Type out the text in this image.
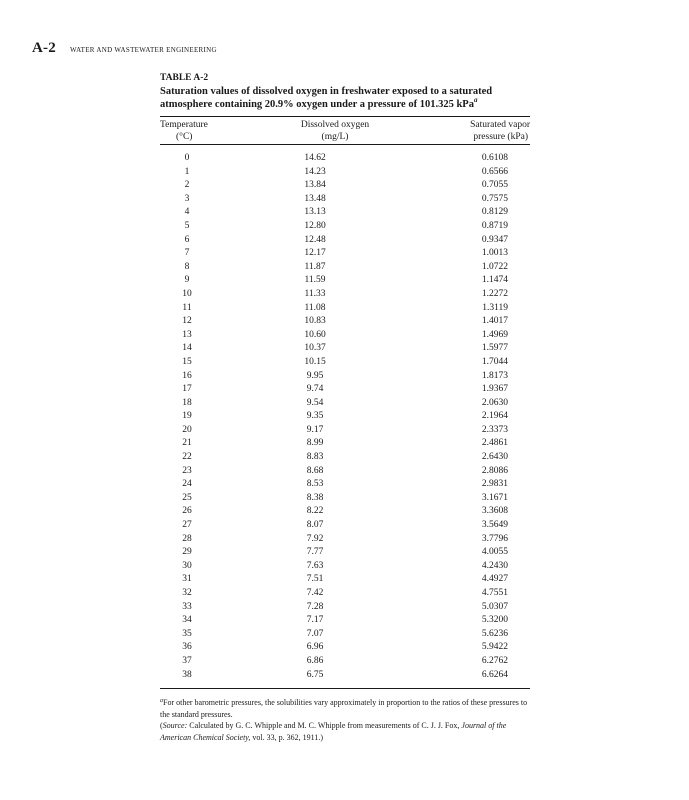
A-2 WATER AND WASTEWATER ENGINEERING
TABLE A-2
Saturation values of dissolved oxygen in freshwater exposed to a saturated atmosphere containing 20.9% oxygen under a pressure of 101.325 kPa$^a$
Temperature
(°C)
Dissolved oxygen
(mg/L)
Saturated vapor
pressure (kPa)
0	14.62	0.6108
1	14.23	0.6566
2	13.84	0.7055
3	13.48	0.7575
4	13.13	0.8129
5	12.80	0.8719
6	12.48	0.9347
7	12.17	1.0013
8	11.87	1.0722
9	11.59	1.1474
10	11.33	1.2272
11	11.08	1.3119
12	10.83	1.4017
13	10.60	1.4969
14	10.37	1.5977
15	10.15	1.7044
16	9.95	1.8173
17	9.74	1.9367
18	9.54	2.0630
19	9.35	2.1964
20	9.17	2.3373
21	8.99	2.4861
22	8.83	2.6430
23	8.68	2.8086
24	8.53	2.9831
25	8.38	3.1671
26	8.22	3.3608
27	8.07	3.5649
28	7.92	3.7796
29	7.77	4.0055
30	7.63	4.2430
31	7.51	4.4927
32	7.42	4.7551
33	7.28	5.0307
34	7.17	5.3200
35	7.07	5.6236
36	6.96	5.9422
37	6.86	6.2762
38	6.75	6.6264
$^a$For other barometric pressures, the solubilities vary approximately in proportion to the ratios of these pressures to the standard pressures.
(Source: Calculated by G. C. Whipple and M. C. Whipple from measurements of C. J. J. Fox, Journal of the American Chemical Society, vol. 33, p. 362, 1911.)
